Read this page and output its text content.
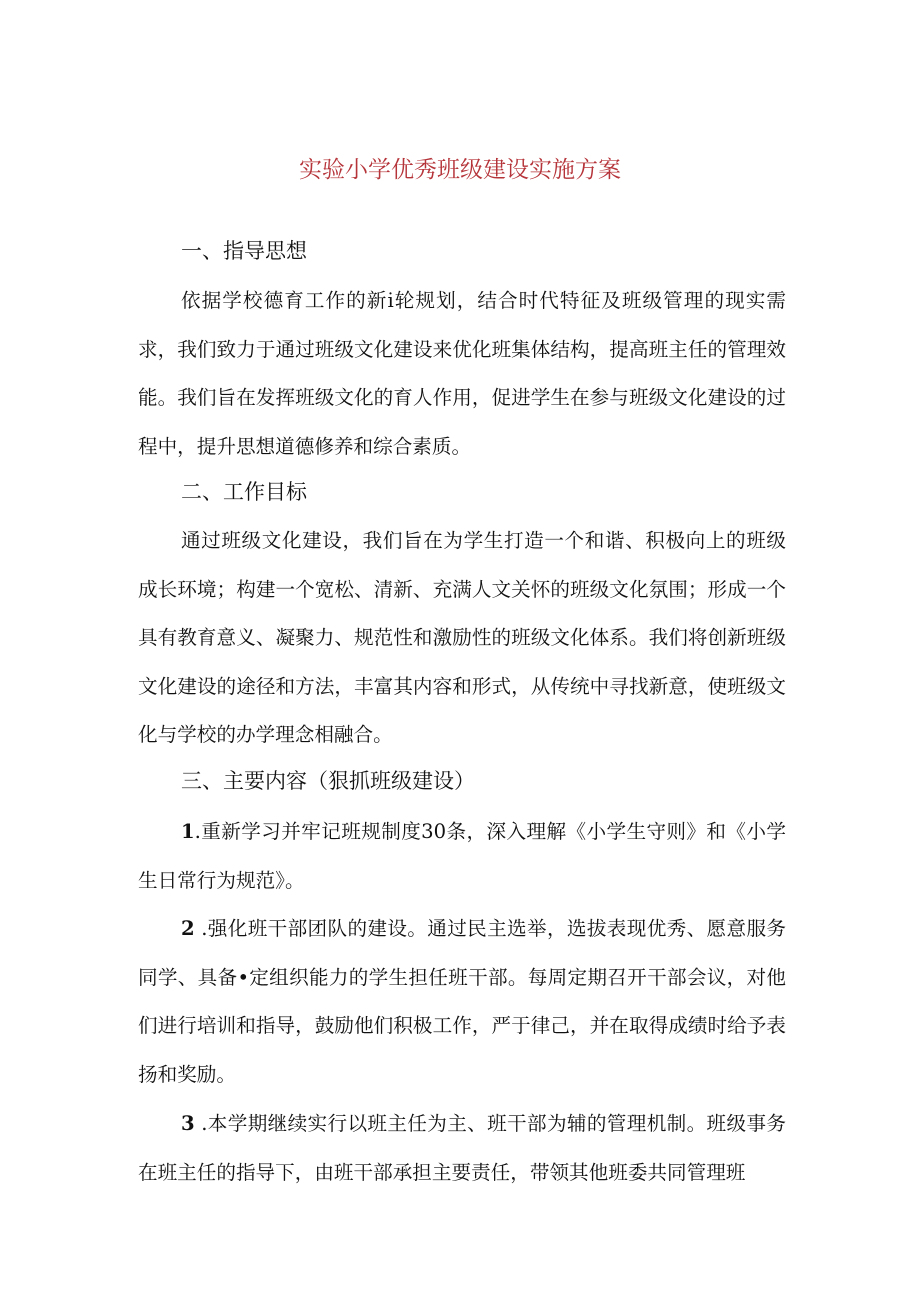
实验小学优秀班级建设实施方案
一、指导思想
依据学校德育工作的新i轮规划，结合时代特征及班级管理的现实需求，我们致力于通过班级文化建设来优化班集体结构，提高班主任的管理效能。我们旨在发挥班级文化的育人作用，促进学生在参与班级文化建设的过程中，提升思想道德修养和综合素质。
二、工作目标
通过班级文化建设，我们旨在为学生打造一个和谐、积极向上的班级成长环境；构建一个宽松、清新、充满人文关怀的班级文化氛围；形成一个具有教育意义、凝聚力、规范性和激励性的班级文化体系。我们将创新班级文化建设的途径和方法，丰富其内容和形式，从传统中寻找新意，使班级文化与学校的办学理念相融合。
三、主要内容（狠抓班级建设）
1.重新学习并牢记班规制度30条，深入理解《小学生守则》和《小学生日常行为规范》。
2 .强化班干部团队的建设。通过民主选举，选拔表现优秀、愿意服务同学、具备•定组织能力的学生担任班干部。每周定期召开干部会议，对他们进行培训和指导，鼓励他们积极工作，严于律己，并在取得成绩时给予表扬和奖励。
3 .本学期继续实行以班主任为主、班干部为辅的管理机制。班级事务在班主任的指导下，由班干部承担主要责任，带领其他班委共同管理班
